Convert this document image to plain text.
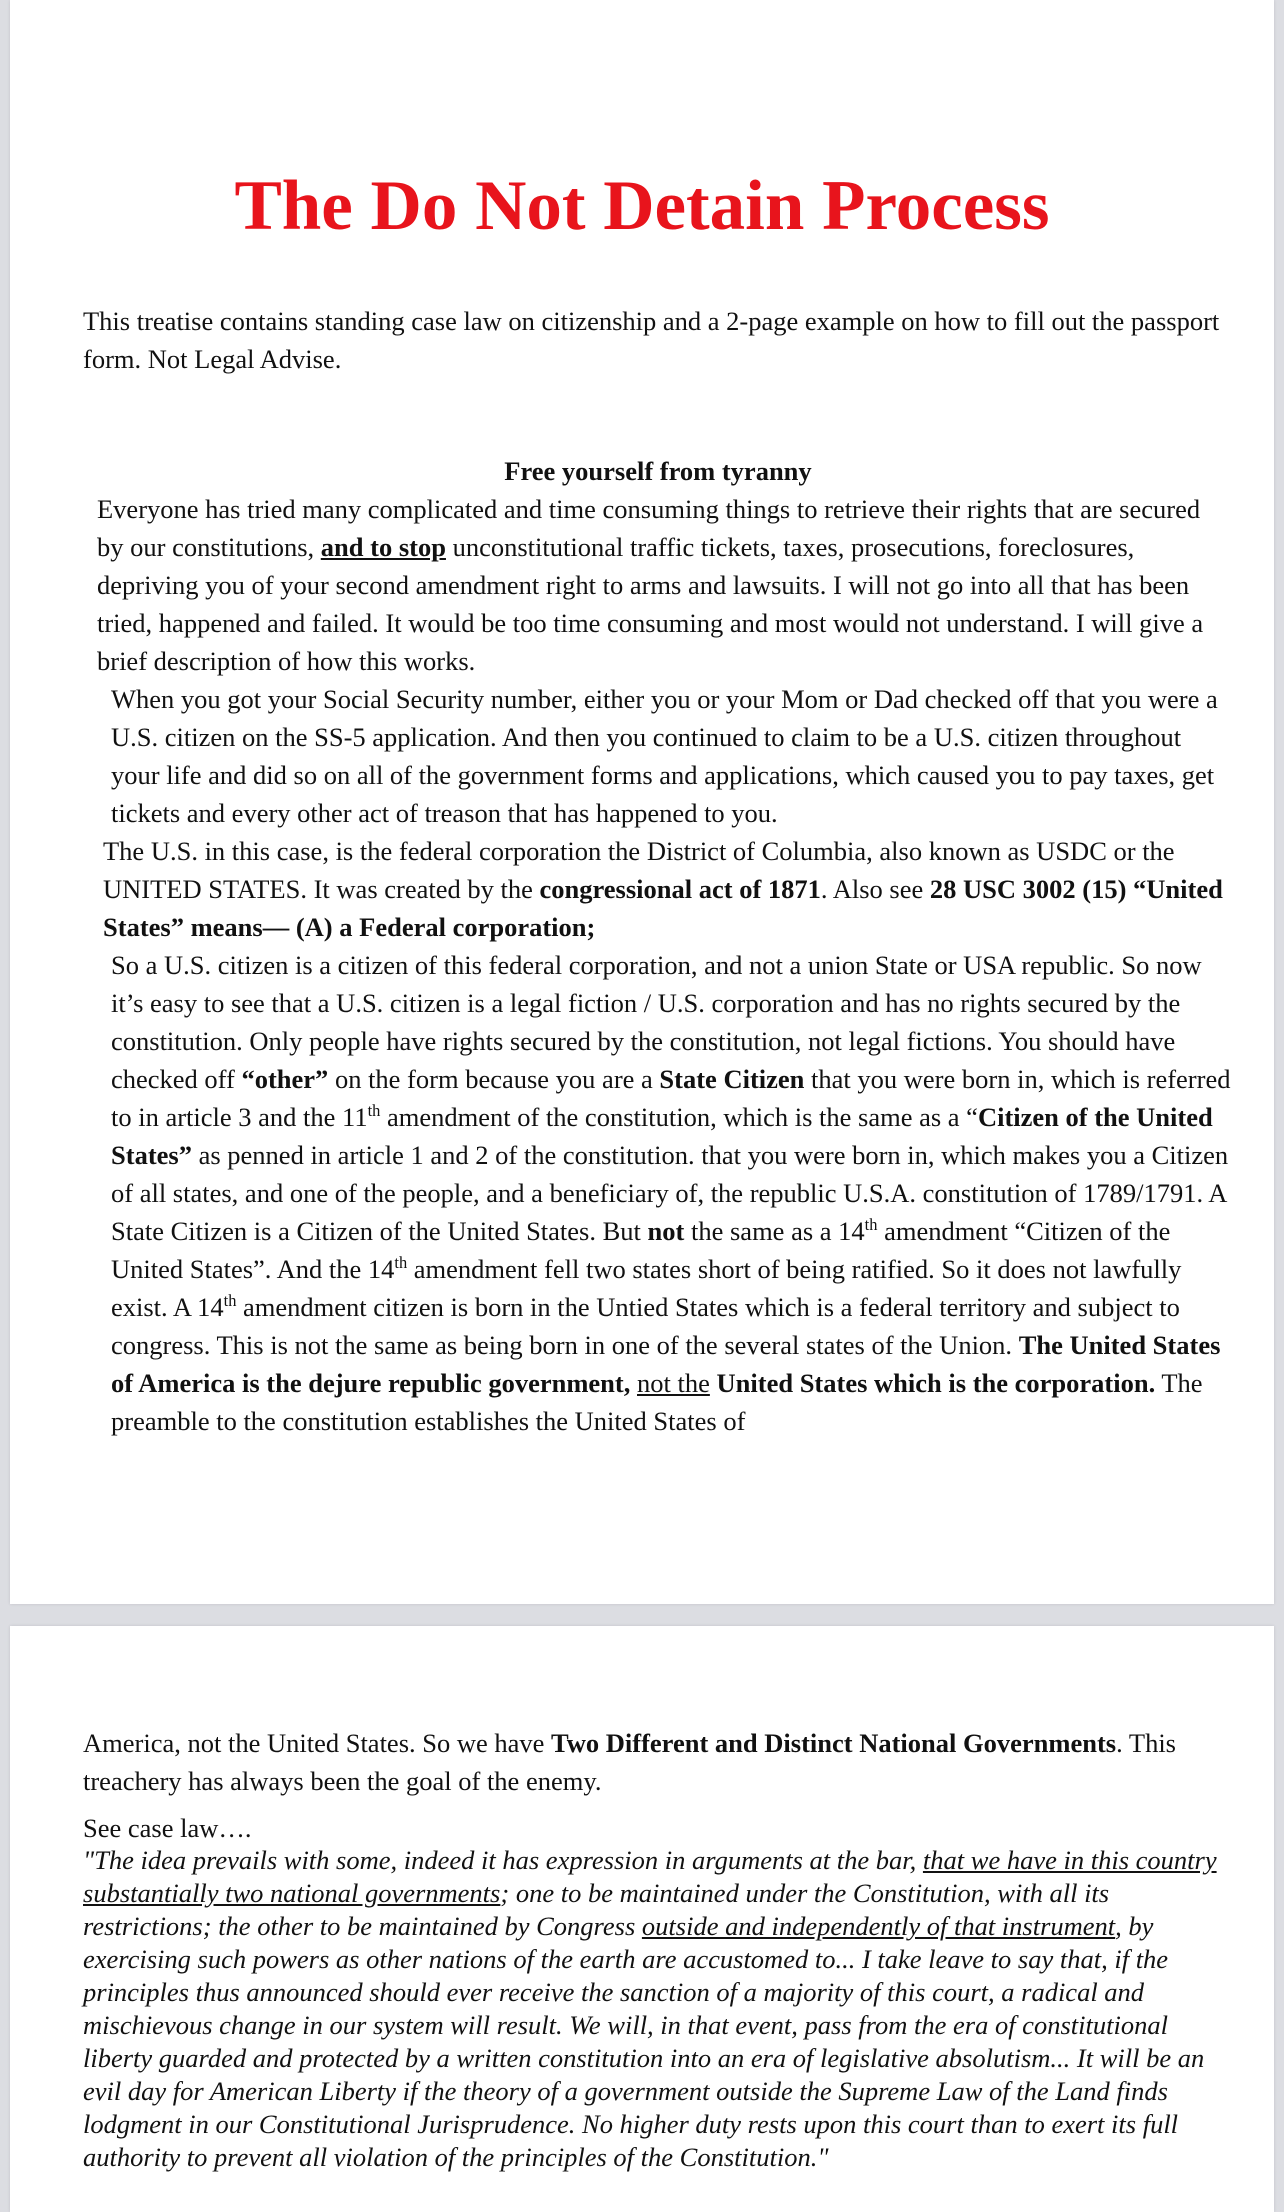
The Do Not Detain Process
This treatise contains standing case law on citizenship and a 2-page example on how to fill out the passport form. Not Legal Advise.
Free yourself from tyranny
Everyone has tried many complicated and time consuming things to retrieve their rights that are secured by our constitutions, and to stop unconstitutional traffic tickets, taxes, prosecutions, foreclosures, depriving you of your second amendment right to arms and lawsuits. I will not go into all that has been tried, happened and failed. It would be too time consuming and most would not understand. I will give a brief description of how this works.
When you got your Social Security number, either you or your Mom or Dad checked off that you were a U.S. citizen on the SS-5 application. And then you continued to claim to be a U.S. citizen throughout your life and did so on all of the government forms and applications, which caused you to pay taxes, get tickets and every other act of treason that has happened to you.
The U.S. in this case, is the federal corporation the District of Columbia, also known as USDC or the UNITED STATES. It was created by the congressional act of 1871. Also see 28 USC 3002 (15) “United States” means— (A) a Federal corporation;
So a U.S. citizen is a citizen of this federal corporation, and not a union State or USA republic. So now it’s easy to see that a U.S. citizen is a legal fiction / U.S. corporation and has no rights secured by the constitution. Only people have rights secured by the constitution, not legal fictions. You should have checked off “other” on the form because you are a State Citizen that you were born in, which is referred to in article 3 and the 11th amendment of the constitution, which is the same as a “Citizen of the United States” as penned in article 1 and 2 of the constitution. that you were born in, which makes you a Citizen of all states, and one of the people, and a beneficiary of, the republic U.S.A. constitution of 1789/1791. A State Citizen is a Citizen of the United States. But not the same as a 14th amendment “Citizen of the United States”. And the 14th amendment fell two states short of being ratified. So it does not lawfully exist. A 14th amendment citizen is born in the Untied States which is a federal territory and subject to congress. This is not the same as being born in one of the several states of the Union. The United States of America is the dejure republic government, not the United States which is the corporation. The preamble to the constitution establishes the United States of
America, not the United States. So we have Two Different and Distinct National Governments. This treachery has always been the goal of the enemy.
See case law….
"The idea prevails with some, indeed it has expression in arguments at the bar, that we have in this country substantially two national governments; one to be maintained under the Constitution, with all its restrictions; the other to be maintained by Congress outside and independently of that instrument, by exercising such powers as other nations of the earth are accustomed to... I take leave to say that, if the principles thus announced should ever receive the sanction of a majority of this court, a radical and mischievous change in our system will result. We will, in that event, pass from the era of constitutional liberty guarded and protected by a written constitution into an era of legislative absolutism... It will be an evil day for American Liberty if the theory of a government outside the Supreme Law of the Land finds lodgment in our Constitutional Jurisprudence. No higher duty rests upon this court than to exert its full authority to prevent all violation of the principles of the Constitution."
